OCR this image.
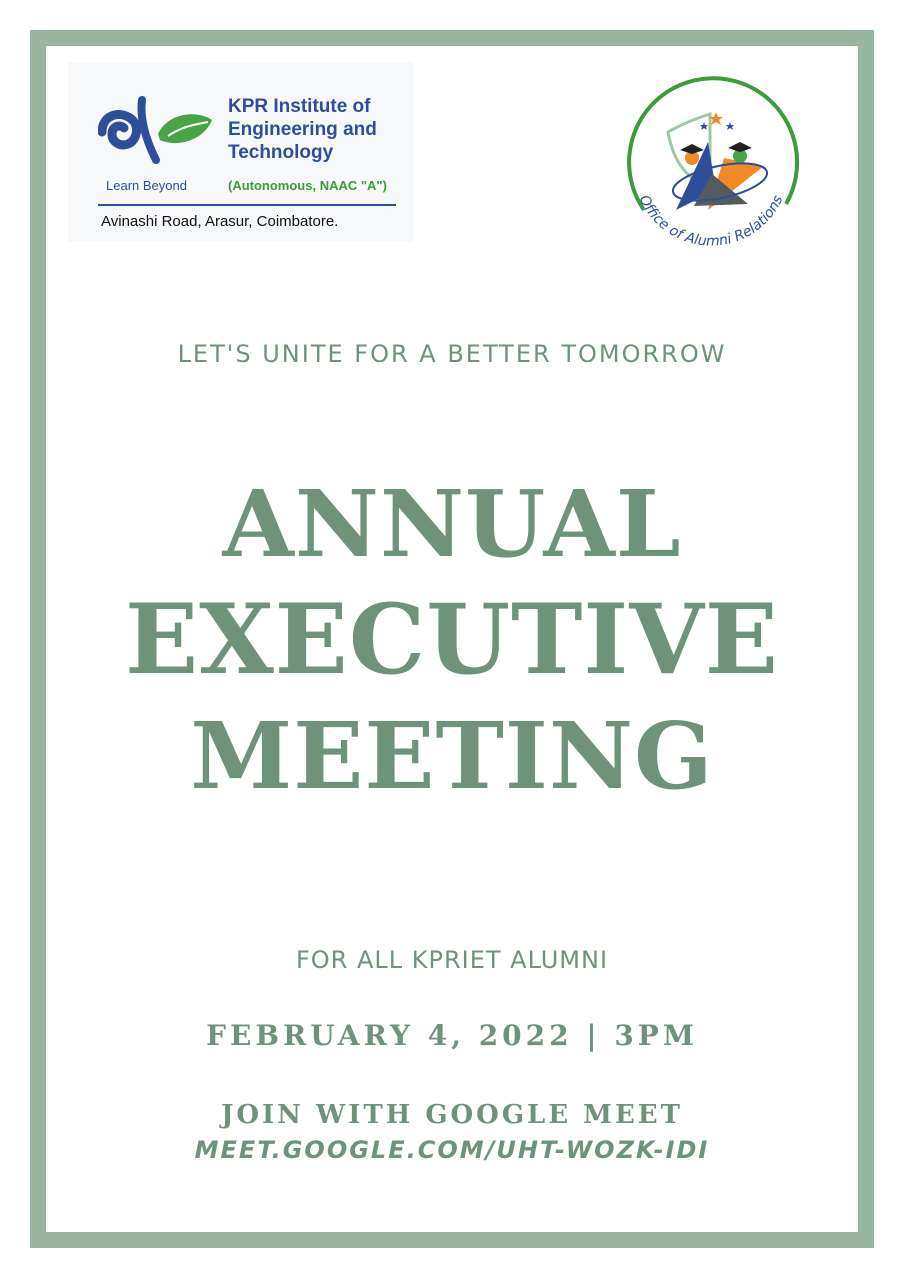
KPR Institute of
Engineering and
Technology
Learn Beyond	(Autonomous, NAAC "A")
Avinashi Road, Arasur, Coimbatore.
Office of Alumni Relations
LET'S UNITE FOR A BETTER TOMORROW
ANNUAL
EXECUTIVE
MEETING
FOR ALL KPRIET ALUMNI
FEBRUARY 4, 2022 | 3PM
JOIN WITH GOOGLE MEET
MEET.GOOGLE.COM/UHT-WOZK-IDI
